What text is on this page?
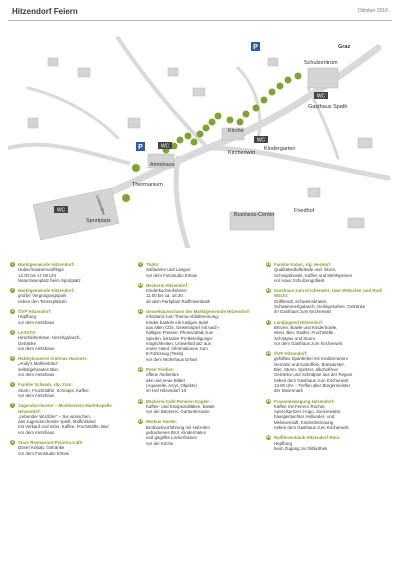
Hitzendorf Feiern	Oktober 2016
P
P
WC
WC
WC
WC
Graz
Schulzentrum
Gasthaus Spath
Kirche
Kirchenwirt
Kindergarten
Amtshaus
Thermanium
Sportplatz
Business-Center
Friedhof
Lindenallee
1	Marktgemeinde Hitzendorf:
Hubschrauberrundflüge
12.00 bis 17.00 Uhr
Naturrasenplatz beim Sportplatz
2	Marktgemeinde Hitzendorf:
großer Vergnügungspark
neben den Tennisplätzen
3	ÖVP Hitzendorf:
Hüpfburg
vor dem Amtshaus
4	LASATA:
Hirschleberkäse, Hirschgulasch,
Getränke
vor dem Amtshaus
5	Hobbybrauerei Andreas Hammer:
„Andy's Mühlenbräu"
selbstgebrautes Bier
vor dem Amtshaus
6	Familie Schwab, vlg. Zum:
Sturm, Fruchtsäfte, Schnaps, Kaffee
vor dem Amtshaus
7	Jugendorchester – Musikverein Marktkapelle Hitzendorf:
„Lebender Wuzlzler" – Sie wünschen,
das Jugendorchester spielt, Muffinstand
mit Verkauf und Infos, Kaffee, Fruchtsäfte, Bier
vor dem Amtshaus
8	Stars Restaurant-Pizzeria-Café:
Döner Kebab, Getränke
vor dem Fotostudio Elmas
9	Tüdür:
Süßwaren und Langos
vor dem Fotostudio Elmas
10 Bäckerei Hitzendorf:
Kinderkuchenfahrten
11.00 bis ca. 16.30
ab dem Parkplatz Raiffeisenbank
11 Umweltausschuss der Marktgemeinde Hitzendorf:
Infostand zum Thema Abfalltrennung;
Kinder basteln ein lustiges Spiel
aus alten CDs, Gewinnspiel mit nach-
haltigen Preisen; Photovoltaik zum
Spielen, lukrative PV-Beteiligungs-
möglichkeiten, Umweltschutz aus
erster Hand, Informationen zum
E-Fahrzeug (Tesla)
vor dem Wohnhaus Erhart
12 Peter Fiedler:
offene Ateliertüre
alte und neue Bilder
(Aquarelle, Acryl, Objekte)
im Hof Hitzendorf 10
13 Bäckerei-Café-Pension Kogler:
Kaffee- und Eisspezialitäten, Bowle
vor der Bäckerei, Gartenterrasse
14 Markus Hasler:
Brotbackvorführung mit Holzofen
gebackenes Brot, Kindermalen
und gegrillte Leckerbissen
vor der Kirche
15 Familie Kober, vlg. Heckerl:
Qualitätsedelbrände und -likore,
Schnapsbowle, Kaffee und Mehlspeisen
vor Haus Schulzengrilliest
16 Gasthaus zum Kirchenwirt, Uwe Wölscher und Rudi Wächt:
Grillhendl, Schweinsbraten,
Schwammerlgulasch, Geilingssahne, Getränke
im Gasthaus zum Kirchenwirt
17 Landjugend Hitzendorf:
Brezen, Bowle und Kinderbowle,
Wein, Bier, Radler, Fruchtsäfte,
Schnäpse und Sturm
vor dem Gasthaus zum Kirchenwirt
18 ÖVP Hitzendorf:
gefülltes Spanferkel mit mediterranem
Gemüse und Kartoffeln, Bratwürstel,
Bier, Sturm, Spritzer, alkoholfreie
Getränke und Schnäpse aus der Region
neben dem Gasthaus zum Kirchenwirt
13.00 Uhr – Treffen aller Bürgermeister
der Steiermark
19 Frauenbewegung Hitzendorf:
Kaffee mit Ferrero Rocher,
Aperolspritzer, Hugo, Zuckerwatte,
hausgemachter Hollunder- und
Melissensaft, Kinderbetreuung
neben dem Gasthaus zum Kirchenwirt
20 Raiffeisenbank Hitzendorf-Rein:
Hüpfburg
beim Zugang zur Bibliothek
